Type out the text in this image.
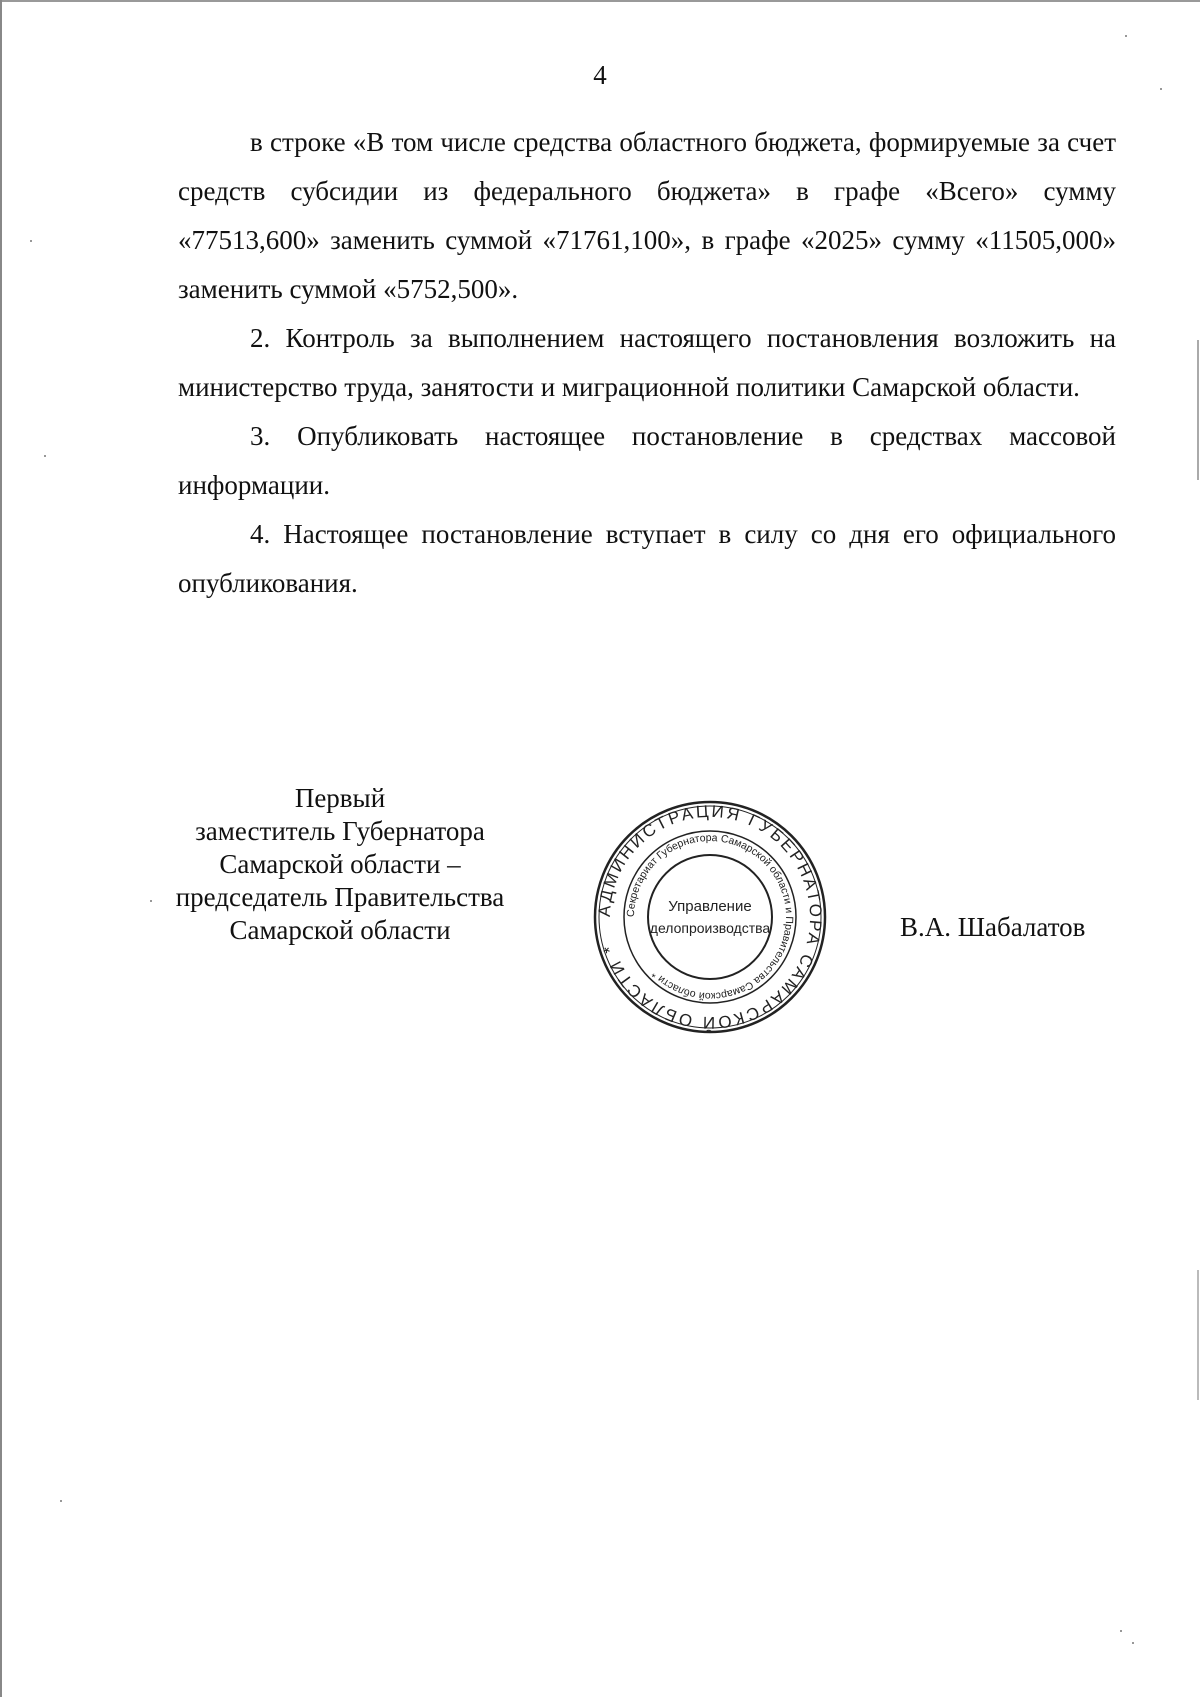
4

в строке «В том числе средства областного бюджета, формируемые за счет средств субсидии из федерального бюджета» в графе «Всего» сумму «77513,600» заменить суммой «71761,100», в графе «2025» сумму «11505,000» заменить суммой «5752,500».

2. Контроль за выполнением настоящего постановления возложить на министерство труда, занятости и миграционной политики Самарской области.

3. Опубликовать настоящее постановление в средствах массовой информации.

4. Настоящее постановление вступает в силу со дня его официального опубликования.

Первый
заместитель Губернатора
Самарской области –
председатель Правительства
Самарской области
АДМИНИСТРАЦИЯ ГУБЕРНАТОРА САМАРСКОЙ ОБЛАСТИ *
Секретариат Губернатора Самарской области и Правительства Самарской области *
Управление
делопроизводства	В.А. Шабалатов
